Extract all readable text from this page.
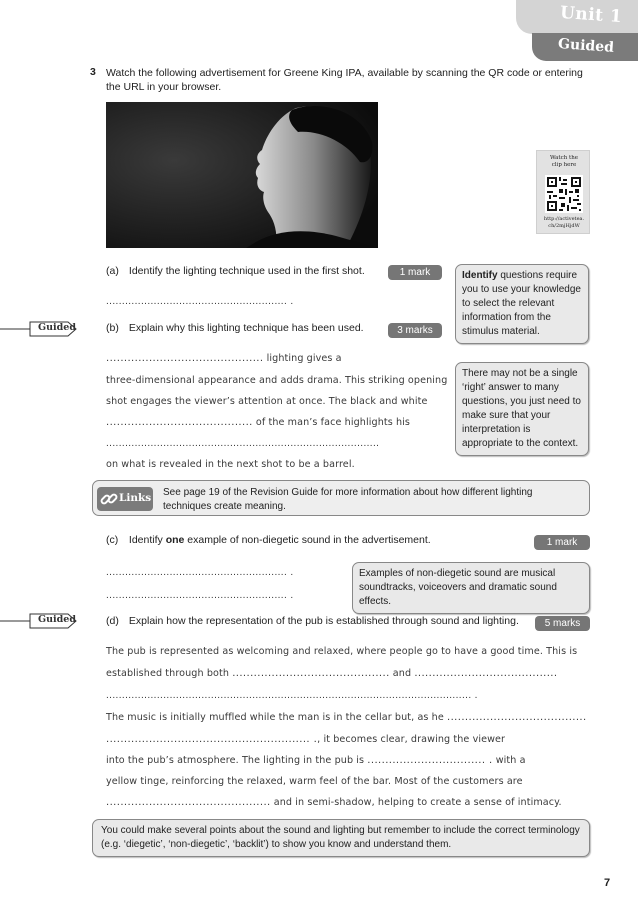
Unit 1
Guided
3 Watch the following advertisement for Greene King IPA, available by scanning the QR code or entering the URL in your browser.
Watch the
clip here
http://activetea.
ch/2mjHjdW
(a) Identify the lighting technique used in the first shot.	1 mark
......................................................... .
Identify questions require you to use your knowledge to select the relevant information from the stimulus material.
Guided	(b) Explain why this lighting technique has been used.	3 marks
............................................ lighting gives a
three-dimensional appearance and adds drama. This striking opening
shot engages the viewer’s attention at once. The black and white
......................................... of the man’s face highlights his
......................................................................................
on what is revealed in the next shot to be a barrel.
There may not be a single ‘right’ answer to many questions, you just need to make sure that your interpretation is appropriate to the context.
Links See page 19 of the Revision Guide for more information about how different lighting techniques create meaning.
(c) Identify one example of non-diegetic sound in the advertisement.	1 mark
......................................................... .
......................................................... .
Examples of non-diegetic sound are musical soundtracks, voiceovers and dramatic sound effects.
Guided	(d) Explain how the representation of the pub is established through sound and lighting.	5 marks
The pub is represented as welcoming and relaxed, where people go to have a good time. This is
established through both ............................................ and ........................................
................................................................................................................... .
The music is initially muffled while the man is in the cellar but, as he .......................................
......................................................... ., it becomes clear, drawing the viewer
into the pub’s atmosphere. The lighting in the pub is ................................. . with a
yellow tinge, reinforcing the relaxed, warm feel of the bar. Most of the customers are
.............................................. and in semi-shadow, helping to create a sense of intimacy.
You could make several points about the sound and lighting but remember to include the correct terminology (e.g. ‘diegetic’, ‘non-diegetic’, ‘backlit’) to show you know and understand them.
7
